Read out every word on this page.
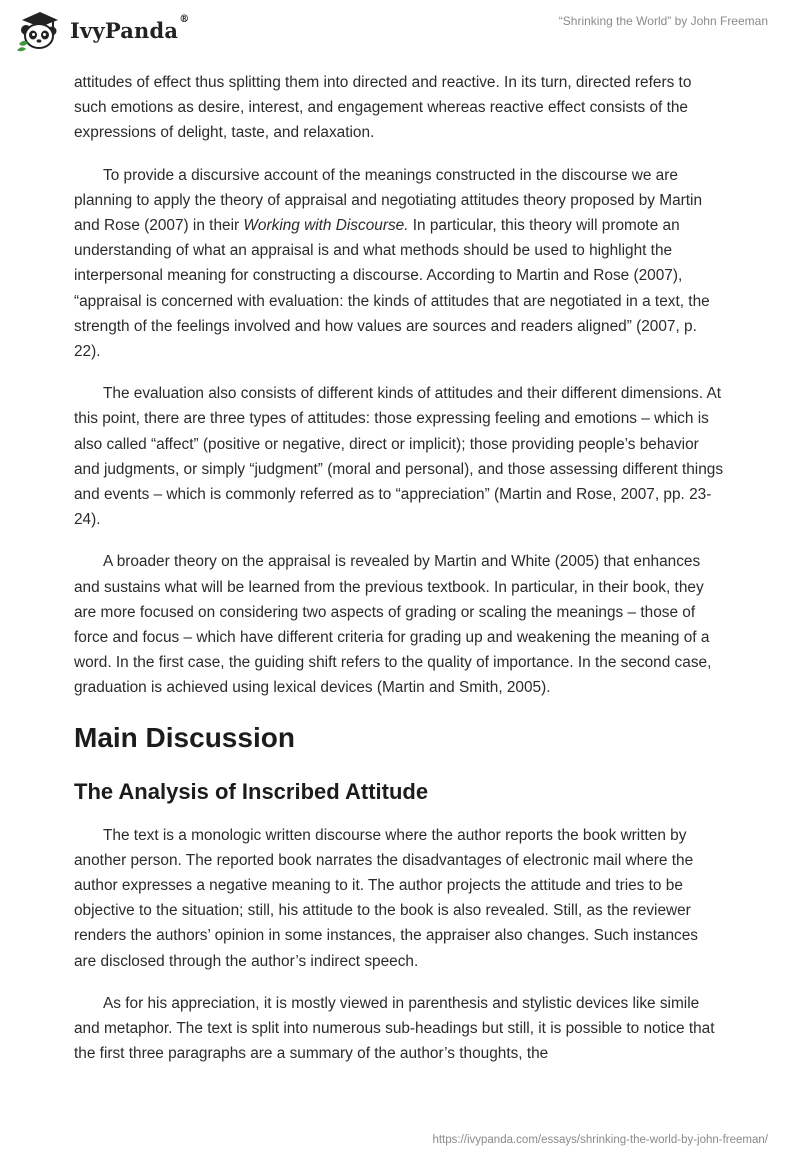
IvyPanda®	“Shrinking the World” by John Freeman

attitudes of effect thus splitting them into directed and reactive. In its turn, directed refers to such emotions as desire, interest, and engagement whereas reactive effect consists of the expressions of delight, taste, and relaxation.

To provide a discursive account of the meanings constructed in the discourse we are planning to apply the theory of appraisal and negotiating attitudes theory proposed by Martin and Rose (2007) in their Working with Discourse. In particular, this theory will promote an understanding of what an appraisal is and what methods should be used to highlight the interpersonal meaning for constructing a discourse. According to Martin and Rose (2007), “appraisal is concerned with evaluation: the kinds of attitudes that are negotiated in a text, the strength of the feelings involved and how values are sources and readers aligned” (2007, p. 22).

The evaluation also consists of different kinds of attitudes and their different dimensions. At this point, there are three types of attitudes: those expressing feeling and emotions – which is also called “affect” (positive or negative, direct or implicit); those providing people’s behavior and judgments, or simply “judgment” (moral and personal), and those assessing different things and events – which is commonly referred as to “appreciation” (Martin and Rose, 2007, pp. 23-24).

A broader theory on the appraisal is revealed by Martin and White (2005) that enhances and sustains what will be learned from the previous textbook. In particular, in their book, they are more focused on considering two aspects of grading or scaling the meanings – those of force and focus – which have different criteria for grading up and weakening the meaning of a word. In the first case, the guiding shift refers to the quality of importance. In the second case, graduation is achieved using lexical devices (Martin and Smith, 2005).

Main Discussion
The Analysis of Inscribed Attitude

The text is a monologic written discourse where the author reports the book written by another person. The reported book narrates the disadvantages of electronic mail where the author expresses a negative meaning to it. The author projects the attitude and tries to be objective to the situation; still, his attitude to the book is also revealed. Still, as the reviewer renders the authors’ opinion in some instances, the appraiser also changes. Such instances are disclosed through the author’s indirect speech.

As for his appreciation, it is mostly viewed in parenthesis and stylistic devices like simile and metaphor. The text is split into numerous sub-headings but still, it is possible to notice that the first three paragraphs are a summary of the author’s thoughts, the

https://ivypanda.com/essays/shrinking-the-world-by-john-freeman/
